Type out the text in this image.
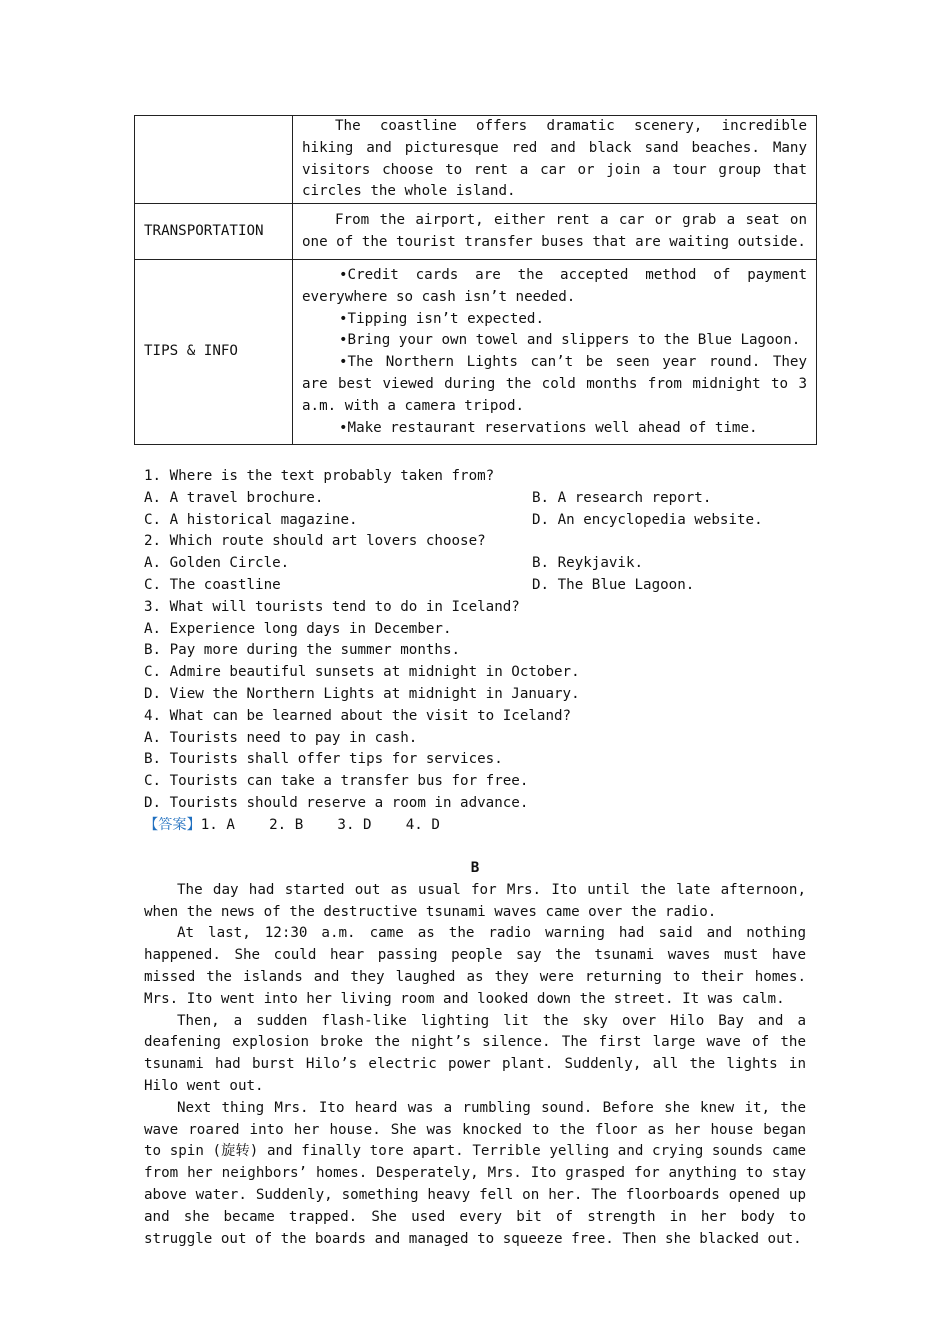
	The coastline offers dramatic scenery, incredible hiking and picturesque red and black sand beaches. Many visitors choose to rent a car or join a tour group that circles the whole island.

TRANSPORTATION	From the airport, either rent a car or grab a seat on one of the tourist transfer buses that are waiting outside.

TIPS & INFO	•Credit cards are the accepted method of payment everywhere so cash isn’t needed.

•Tipping isn’t expected.

•Bring your own towel and slippers to the Blue Lagoon.

•The Northern Lights can’t be seen year round. They are best viewed during the cold months from midnight to 3 a.m. with a camera tripod.

•Make restaurant reservations well ahead of time.

1. Where is the text probably taken from?
A. A travel brochure.	B. A research report.
C. A historical magazine.	D. An encyclopedia website.
2. Which route should art lovers choose?
A. Golden Circle.	B. Reykjavik.
C. The coastline	D. The Blue Lagoon.
3. What will tourists tend to do in Iceland?
A. Experience long days in December.
B. Pay more during the summer months.
C. Admire beautiful sunsets at midnight in October.
D. View the Northern Lights at midnight in January.
4. What can be learned about the visit to Iceland?
A. Tourists need to pay in cash.
B. Tourists shall offer tips for services.
C. Tourists can take a transfer bus for free.
D. Tourists should reserve a room in advance.
【答案】1. A    2. B    3. D    4. D

B

The day had started out as usual for Mrs. Ito until the late afternoon, when the news of the destructive tsunami waves came over the radio.

At last, 12:30 a.m. came as the radio warning had said and nothing happened. She could hear passing people say the tsunami waves must have missed the islands and they laughed as they were returning to their homes. Mrs. Ito went into her living room and looked down the street. It was calm.

Then, a sudden flash-like lighting lit the sky over Hilo Bay and a deafening explosion broke the night’s silence. The first large wave of the tsunami had burst Hilo’s electric power plant. Suddenly, all the lights in Hilo went out.

Next thing Mrs. Ito heard was a rumbling sound. Before she knew it, the wave roared into her house. She was knocked to the floor as her house began to spin (旋转) and finally tore apart. Terrible yelling and crying sounds came from her neighbors’ homes. Desperately, Mrs. Ito grasped for anything to stay above water. Suddenly, something heavy fell on her. The floorboards opened up and she became trapped. She used every bit of strength in her body to struggle out of the boards and managed to squeeze free. Then she blacked out.
